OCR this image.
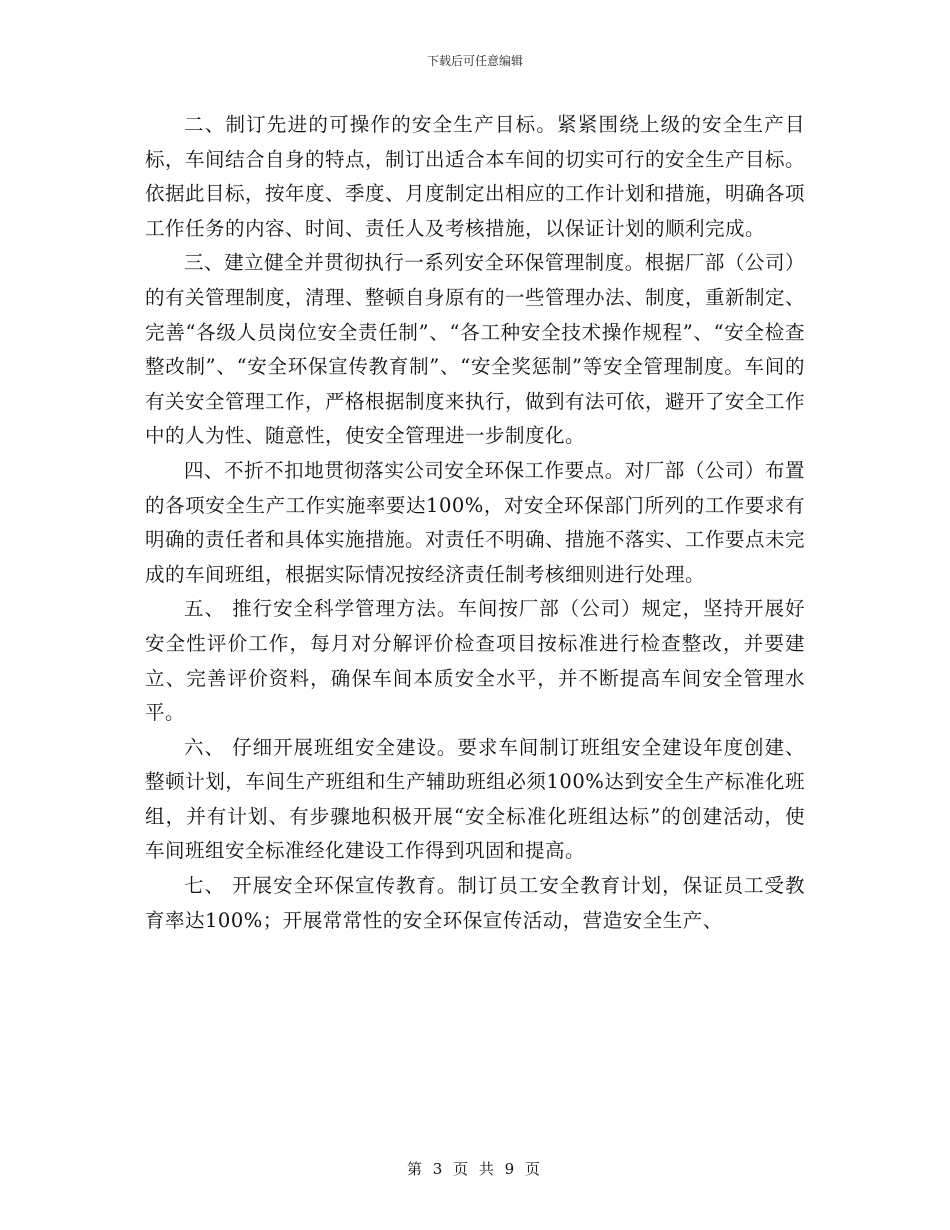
下载后可任意编辑

二、制订先进的可操作的安全生产目标。紧紧围绕上级的安全生产目标，车间结合自身的特点，制订出适合本车间的切实可行的安全生产目标。依据此目标，按年度、季度、月度制定出相应的工作计划和措施，明确各项工作任务的内容、时间、责任人及考核措施，以保证计划的顺利完成。

三、建立健全并贯彻执行一系列安全环保管理制度。根据厂部（公司）的有关管理制度，清理、整顿自身原有的一些管理办法、制度，重新制定、完善“各级人员岗位安全责任制”、“各工种安全技术操作规程”、“安全检查整改制”、“安全环保宣传教育制”、“安全奖惩制”等安全管理制度。车间的有关安全管理工作，严格根据制度来执行，做到有法可依，避开了安全工作中的人为性、随意性，使安全管理进一步制度化。

四、不折不扣地贯彻落实公司安全环保工作要点。对厂部（公司）布置的各项安全生产工作实施率要达100%，对安全环保部门所列的工作要求有明确的责任者和具体实施措施。对责任不明确、措施不落实、工作要点未完成的车间班组，根据实际情况按经济责任制考核细则进行处理。

五、 推行安全科学管理方法。车间按厂部（公司）规定，坚持开展好安全性评价工作，每月对分解评价检查项目按标准进行检查整改，并要建立、完善评价资料，确保车间本质安全水平，并不断提高车间安全管理水平。

六、 仔细开展班组安全建设。要求车间制订班组安全建设年度创建、整顿计划，车间生产班组和生产辅助班组必须100%达到安全生产标准化班组，并有计划、有步骤地积极开展“安全标准化班组达标”的创建活动，使车间班组安全标准经化建设工作得到巩固和提高。

七、 开展安全环保宣传教育。制订员工安全教育计划，保证员工受教育率达100%；开展常常性的安全环保宣传活动，营造安全生产、

第 3 页 共 9 页
